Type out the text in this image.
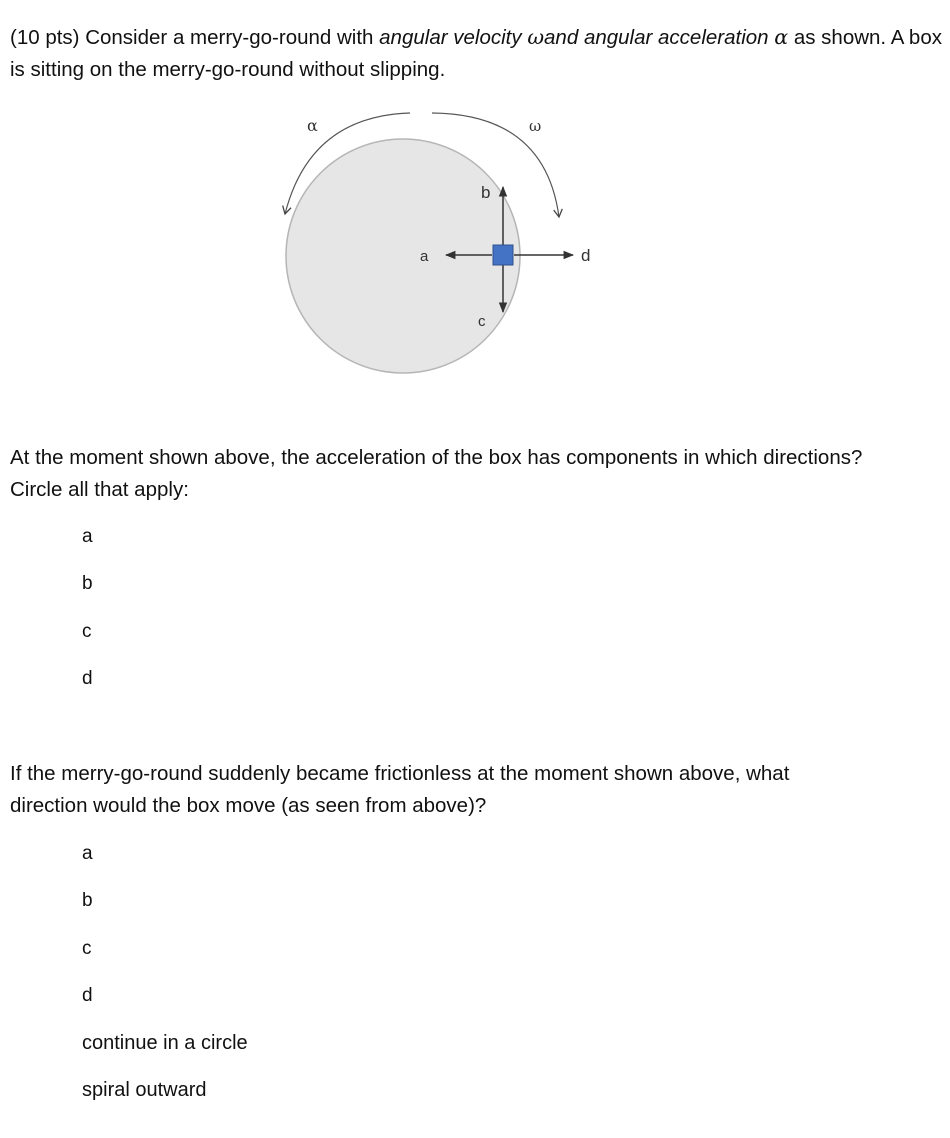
(10 pts) Consider a merry-go-round with angular velocity ωand angular acceleration α as shown. A box is sitting on the merry-go-round without slipping.
α	ω
a
b
c
d
At the moment shown above, the acceleration of the box has components in which directions?
Circle all that apply:
a
b
c
d
If the merry-go-round suddenly became frictionless at the moment shown above, what
direction would the box move (as seen from above)?
a
b
c
d
continue in a circle
spiral outward
